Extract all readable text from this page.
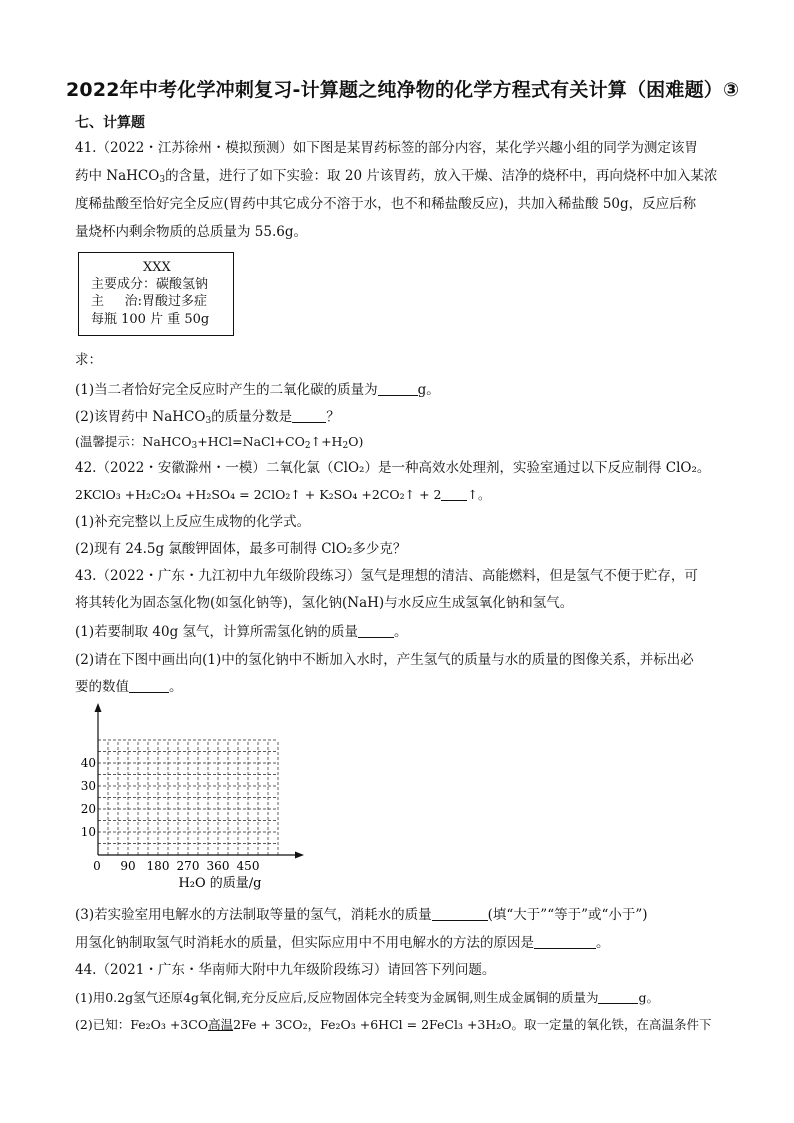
2022年中考化学冲刺复习-计算题之纯净物的化学方程式有关计算（困难题）③
七、计算题
41.（2022・江苏徐州・模拟预测）如下图是某胃药标签的部分内容，某化学兴趣小组的同学为测定该胃
药中 NaHCO$_3$的含量，进行了如下实验：取 20 片该胃药，放入干燥、洁净的烧杯中，再向烧杯中加入某浓
度稀盐酸至恰好完全反应(胃药中其它成分不溶于水，也不和稀盐酸反应)，共加入稀盐酸 50g，反应后称
量烧杯内剩余物质的总质量为 55.6g。
XXX
主要成分：碳酸氢钠
主     治:胃酸过多症
每瓶 100 片 重 50g
求：
(1)当二者恰好完全反应时产生的二氧化碳的质量为	g。
(2)该胃药中 NaHCO$_3$的质量分数是	？
(温馨提示：$NaHCO_3+HCl=NaCl+CO_2↑+H_2O$)
42.（2022・安徽滁州・一模）二氧化氯（ClO₂）是一种高效水处理剂，实验室通过以下反应制得 ClO₂。
2KClO₃ +H₂C₂O₄ +H₂SO₄ = 2ClO₂↑ + K₂SO₄ +2CO₂↑ + 2 ↑。
(1)补充完整以上反应生成物的化学式。
(2)现有 24.5g 氯酸钾固体，最多可制得 ClO₂多少克？
43.（2022・广东・九江初中九年级阶段练习）氢气是理想的清洁、高能燃料，但是氢气不便于贮存，可
将其转化为固态氢化物(如氢化钠等)，氢化钠(NaH)与水反应生成氢氧化钠和氢气。
(1)若要制取 40g 氢气，计算所需氢化钠的质量	。
(2)请在下图中画出向(1)中的氢化钠中不断加入水时，产生氢气的质量与水的质量的图像关系，并标出必
要的数值	。
10
20
30
40
0 90 180 270 360 450
H₂O 的质量/g
(3)若实验室用电解水的方法制取等量的氢气，消耗水的质量	(填“大于”“等于”或“小于”)
用氢化钠制取氢气时消耗水的质量，但实际应用中不用电解水的方法的原因是	。
44.（2021・广东・华南师大附中九年级阶段练习）请回答下列问题。
(1)用0.2g氢气还原4g氧化铜,充分反应后,反应物固体完全转变为金属铜,则生成金属铜的质量为	g。
(2)已知：Fe₂O₃ +3CO高温2Fe + 3CO₂，Fe₂O₃ +6HCl = 2FeCl₃ +3H₂O。取一定量的氧化铁，在高温条件下
